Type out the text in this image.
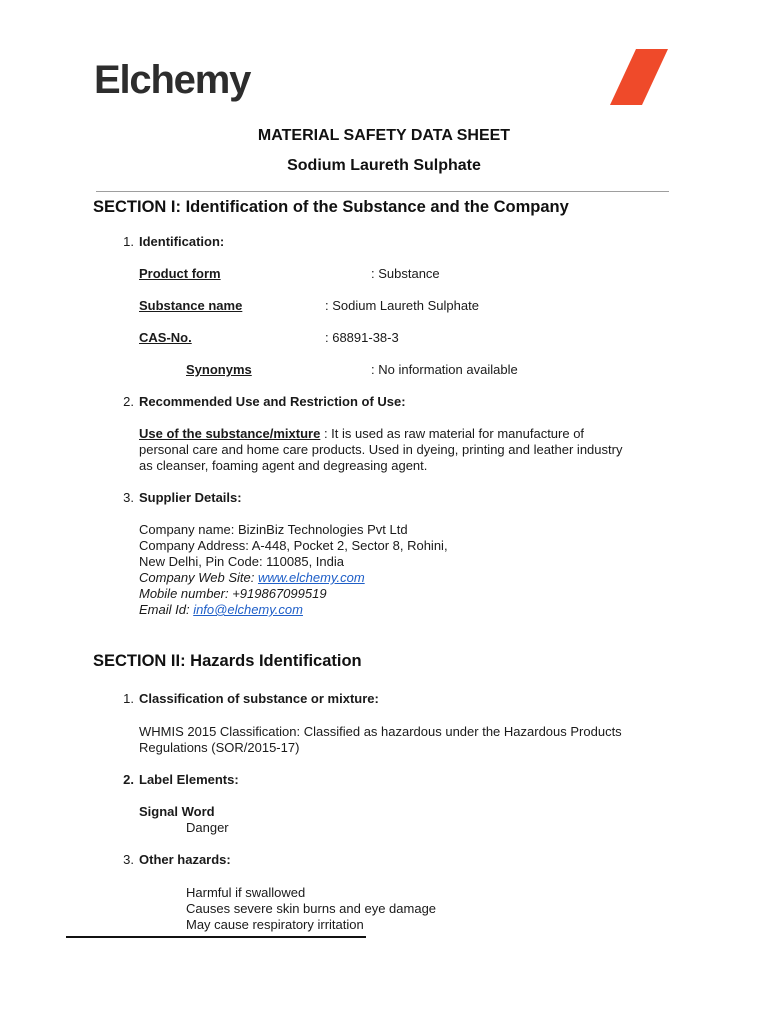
Elchemy
MATERIAL SAFETY DATA SHEET
Sodium Laureth Sulphate
SECTION I: Identification of the Substance and the Company
1. Identification:
Product form	: Substance
Substance name	: Sodium Laureth Sulphate
CAS-No.	: 68891-38-3
Synonyms	: No information available
2. Recommended Use and Restriction of Use:
Use of the substance/mixture : It is used as raw material for manufacture of
personal care and home care products. Used in dyeing, printing and leather industry
as cleanser, foaming agent and degreasing agent.
3. Supplier Details:
Company name: BizinBiz Technologies Pvt Ltd
Company Address: A-448, Pocket 2, Sector 8, Rohini,
New Delhi, Pin Code: 110085, India
Company Web Site: www.elchemy.com
Mobile number: +919867099519
Email Id: info@elchemy.com
SECTION II: Hazards Identification
1. Classification of substance or mixture:
WHMIS 2015 Classification: Classified as hazardous under the Hazardous Products
Regulations (SOR/2015-17)
2. Label Elements:
Signal Word
Danger
3. Other hazards:
Harmful if swallowed
Causes severe skin burns and eye damage
May cause respiratory irritation
